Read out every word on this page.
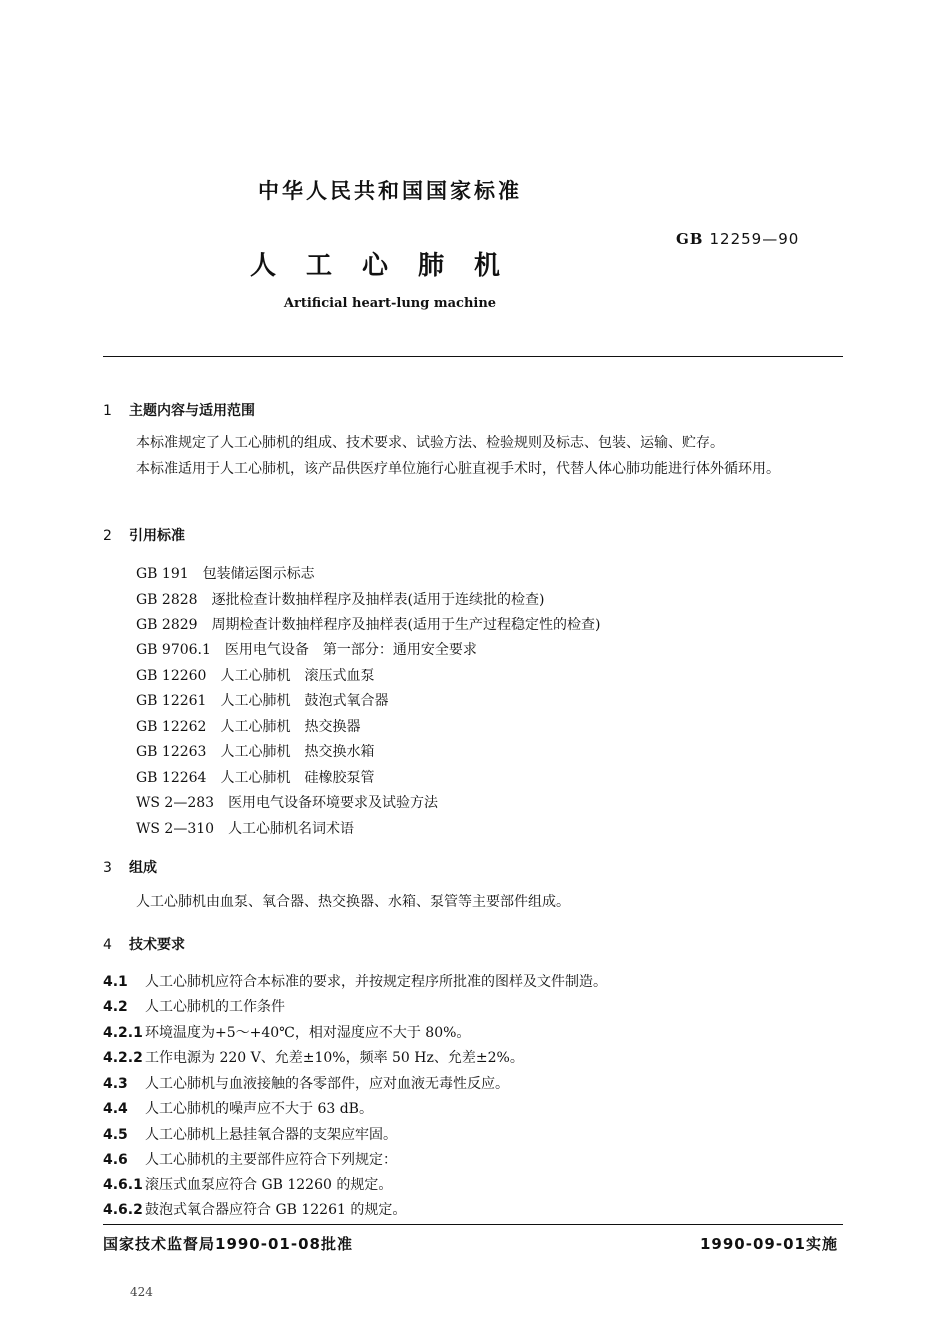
中华人民共和国国家标准
GB 12259—90
人工心肺机
Artificial heart-lung machine
1 主题内容与适用范围
本标准规定了人工心肺机的组成、技术要求、试验方法、检验规则及标志、包装、运输、贮存。
本标准适用于人工心肺机，该产品供医疗单位施行心脏直视手术时，代替人体心肺功能进行体外循环用。
2 引用标准
GB 191 包装储运图示标志
GB 2828 逐批检查计数抽样程序及抽样表(适用于连续批的检查)
GB 2829 周期检查计数抽样程序及抽样表(适用于生产过程稳定性的检查)
GB 9706.1 医用电气设备　第一部分：通用安全要求
GB 12260 人工心肺机　滚压式血泵
GB 12261 人工心肺机　鼓泡式氧合器
GB 12262 人工心肺机　热交换器
GB 12263 人工心肺机　热交换水箱
GB 12264 人工心肺机　硅橡胶泵管
WS 2—283 医用电气设备环境要求及试验方法
WS 2—310 人工心肺机名词术语
3 组成
人工心肺机由血泵、氧合器、热交换器、水箱、泵管等主要部件组成。
4 技术要求
4.1 人工心肺机应符合本标准的要求，并按规定程序所批准的图样及文件制造。
4.2 人工心肺机的工作条件
4.2.1 环境温度为+5～+40℃，相对湿度应不大于 80%。
4.2.2 工作电源为 220 V、允差±10%，频率 50 Hz、允差±2%。
4.3 人工心肺机与血液接触的各零部件，应对血液无毒性反应。
4.4 人工心肺机的噪声应不大于 63 dB。
4.5 人工心肺机上悬挂氧合器的支架应牢固。
4.6 人工心肺机的主要部件应符合下列规定：
4.6.1 滚压式血泵应符合 GB 12260 的规定。
4.6.2 鼓泡式氧合器应符合 GB 12261 的规定。
国家技术监督局1990-01-08批准	1990-09-01实施
424
